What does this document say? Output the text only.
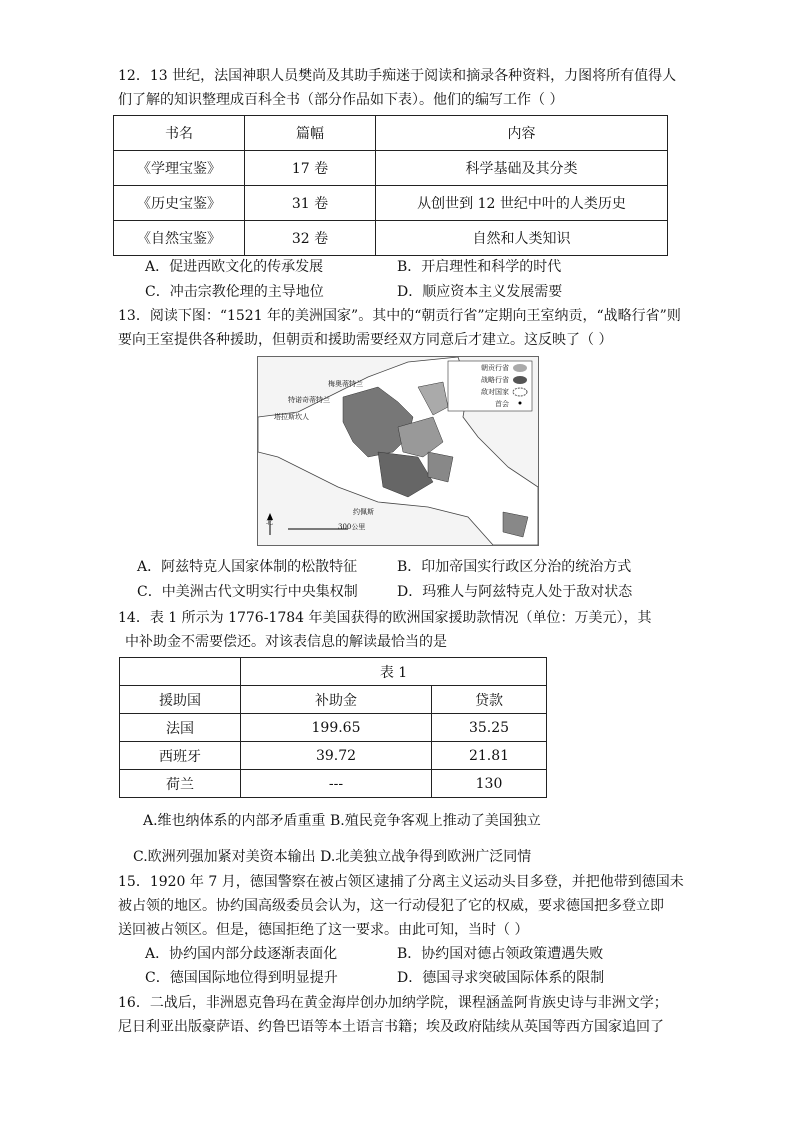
12．13 世纪，法国神职人员樊尚及其助手痴迷于阅读和摘录各种资料，力图将所有值得人
们了解的知识整理成百科全书（部分作品如下表）。他们的编写工作（ ）
书名	篇幅	内容
《学理宝鉴》	17 卷	科学基础及其分类
《历史宝鉴》	31 卷	从创世到 12 世纪中叶的人类历史
《自然宝鉴》	32 卷	自然和人类知识
A．促进西欧文化的传承发展	B．开启理性和科学的时代
C．冲击宗教伦理的主导地位	D．顺应资本主义发展需要
13．阅读下图：“1521 年的美洲国家”。其中的“朝贡行省”定期向王室纳贡，“战略行省”则
要向王室提供各种援助，但朝贡和援助需要经双方同意后才建立。这反映了（ ）
朝贡行省
战略行省
敌对国家
首会
梅奥蒂特兰
特诺奇蒂特兰
塔拉斯坎人
约佩斯
300公里
北
A．阿兹特克人国家体制的松散特征	B．印加帝国实行政区分治的统治方式
C．中美洲古代文明实行中央集权制	D．玛雅人与阿兹特克人处于敌对状态
14．表 1 所示为 1776-1784 年美国获得的欧洲国家援助款情况（单位：万美元），其
中补助金不需要偿还。对该表信息的解读最恰当的是
	表 1	
援助国	补助金	贷款
法国	199.65	35.25
西班牙	39.72	21.81
荷兰	---	130
A.维也纳体系的内部矛盾重重 B.殖民竞争客观上推动了美国独立
C.欧洲列强加紧对美资本输出 D.北美独立战争得到欧洲广泛同情
15．1920 年 7 月，德国警察在被占领区逮捕了分离主义运动头目多登，并把他带到德国未
被占领的地区。协约国高级委员会认为，这一行动侵犯了它的权威，要求德国把多登立即
送回被占领区。但是，德国拒绝了这一要求。由此可知，当时（ ）
A．协约国内部分歧逐渐表面化	B．协约国对德占领政策遭遇失败
C．德国国际地位得到明显提升	D．德国寻求突破国际体系的限制
16．二战后，非洲恩克鲁玛在黄金海岸创办加纳学院，课程涵盖阿肯族史诗与非洲文学；
尼日利亚出版豪萨语、约鲁巴语等本土语言书籍；埃及政府陆续从英国等西方国家追回了
